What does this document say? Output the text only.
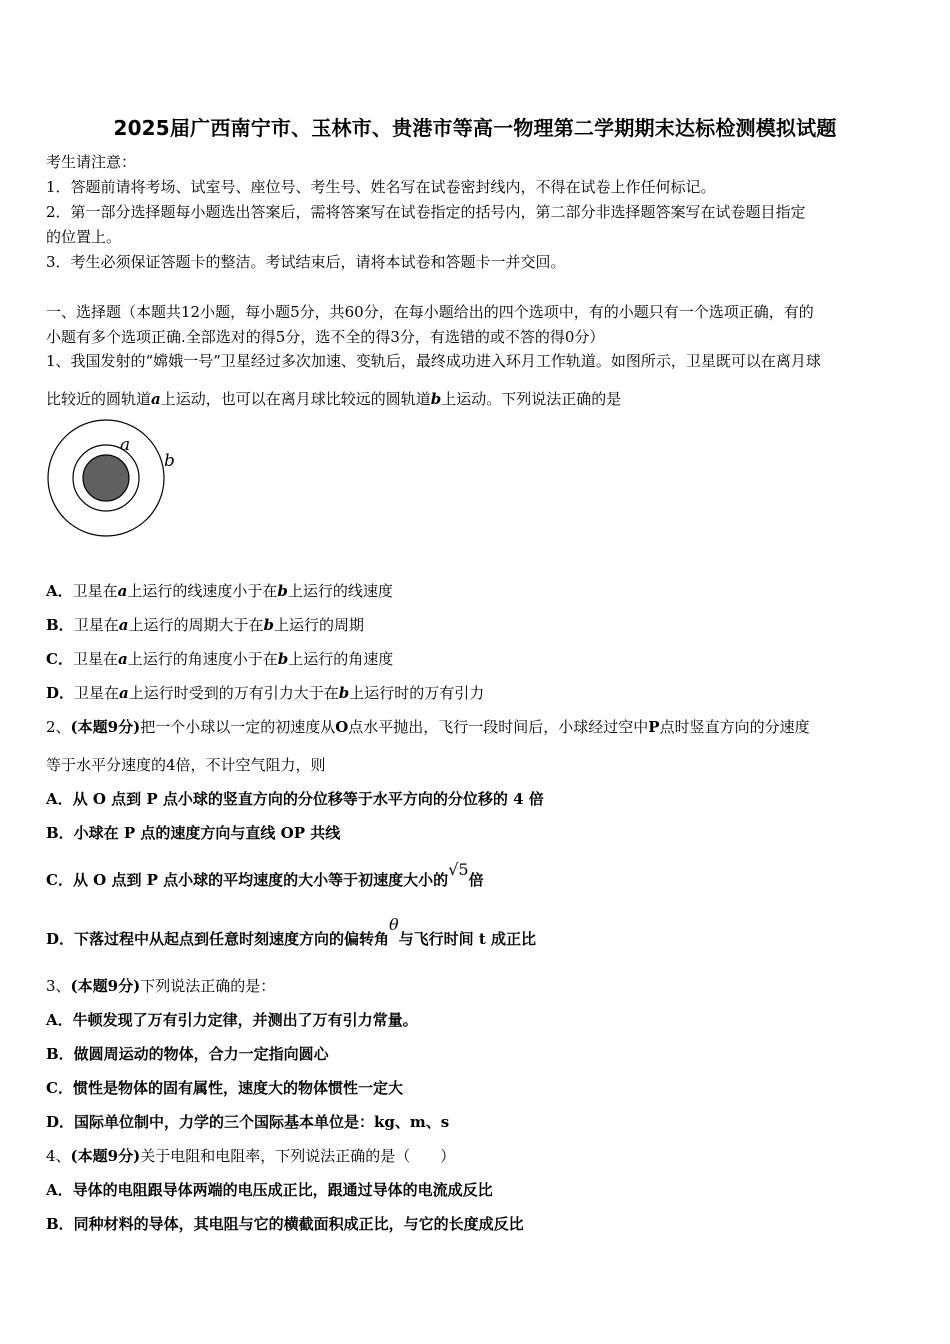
2025届广西南宁市、玉林市、贵港市等高一物理第二学期期末达标检测模拟试题
考生请注意：
1．答题前请将考场、试室号、座位号、考生号、姓名写在试卷密封线内，不得在试卷上作任何标记。
2．第一部分选择题每小题选出答案后，需将答案写在试卷指定的括号内，第二部分非选择题答案写在试卷题目指定
的位置上。
3．考生必须保证答题卡的整洁。考试结束后，请将本试卷和答题卡一并交回。
一、选择题（本题共12小题，每小题5分，共60分，在每小题给出的四个选项中，有的小题只有一个选项正确，有的
小题有多个选项正确.全部选对的得5分，选不全的得3分，有选错的或不答的得0分）
1、我国发射的“嫦娥一号”卫星经过多次加速、变轨后，最终成功进入环月工作轨道。如图所示，卫星既可以在离月球
比较近的圆轨道a上运动，也可以在离月球比较远的圆轨道b上运动。下列说法正确的是
a
b
A．卫星在a上运行的线速度小于在b上运行的线速度
B．卫星在a上运行的周期大于在b上运行的周期
C．卫星在a上运行的角速度小于在b上运行的角速度
D．卫星在a上运行时受到的万有引力大于在b上运行时的万有引力
2、(本题9分)把一个小球以一定的初速度从O点水平抛出，飞行一段时间后，小球经过空中P点时竖直方向的分速度
等于水平分速度的4倍，不计空气阻力，则
A．从 O 点到 P 点小球的竖直方向的分位移等于水平方向的分位移的 4 倍
B．小球在 P 点的速度方向与直线 OP 共线
C．从 O 点到 P 点小球的平均速度的大小等于初速度大小的√5倍
D．下落过程中从起点到任意时刻速度方向的偏转角θ与飞行时间 t 成正比
3、(本题9分)下列说法正确的是：
A．牛顿发现了万有引力定律，并测出了万有引力常量。
B．做圆周运动的物体，合力一定指向圆心
C．惯性是物体的固有属性，速度大的物体惯性一定大
D．国际单位制中，力学的三个国际基本单位是：kg、m、s
4、(本题9分)关于电阻和电阻率，下列说法正确的是（　　）
A．导体的电阻跟导体两端的电压成正比，跟通过导体的电流成反比
B．同种材料的导体，其电阻与它的横截面积成正比，与它的长度成反比
